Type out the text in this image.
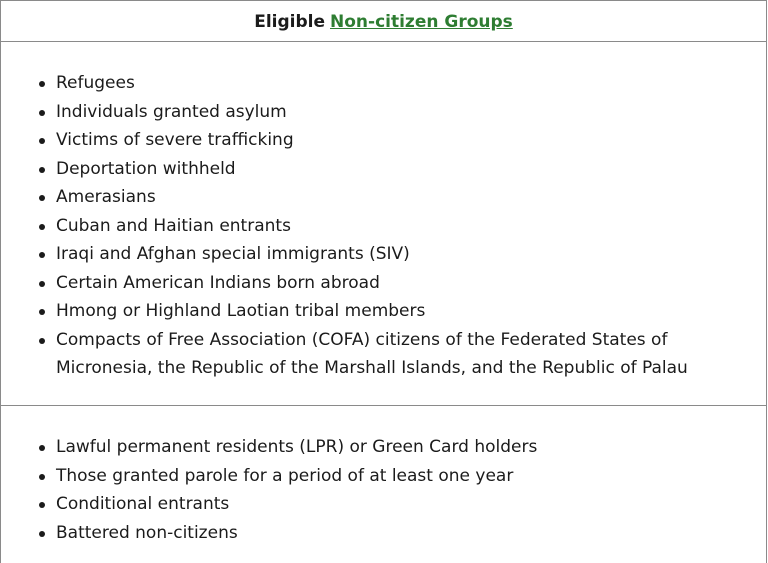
Eligible Non-citizen Groups
Refugees
Individuals granted asylum
Victims of severe trafficking
Deportation withheld
Amerasians
Cuban and Haitian entrants
Iraqi and Afghan special immigrants (SIV)
Certain American Indians born abroad
Hmong or Highland Laotian tribal members
Compacts of Free Association (COFA) citizens of the Federated States of Micronesia, the Republic of the Marshall Islands, and the Republic of Palau
Lawful permanent residents (LPR) or Green Card holders
Those granted parole for a period of at least one year
Conditional entrants
Battered non-citizens
